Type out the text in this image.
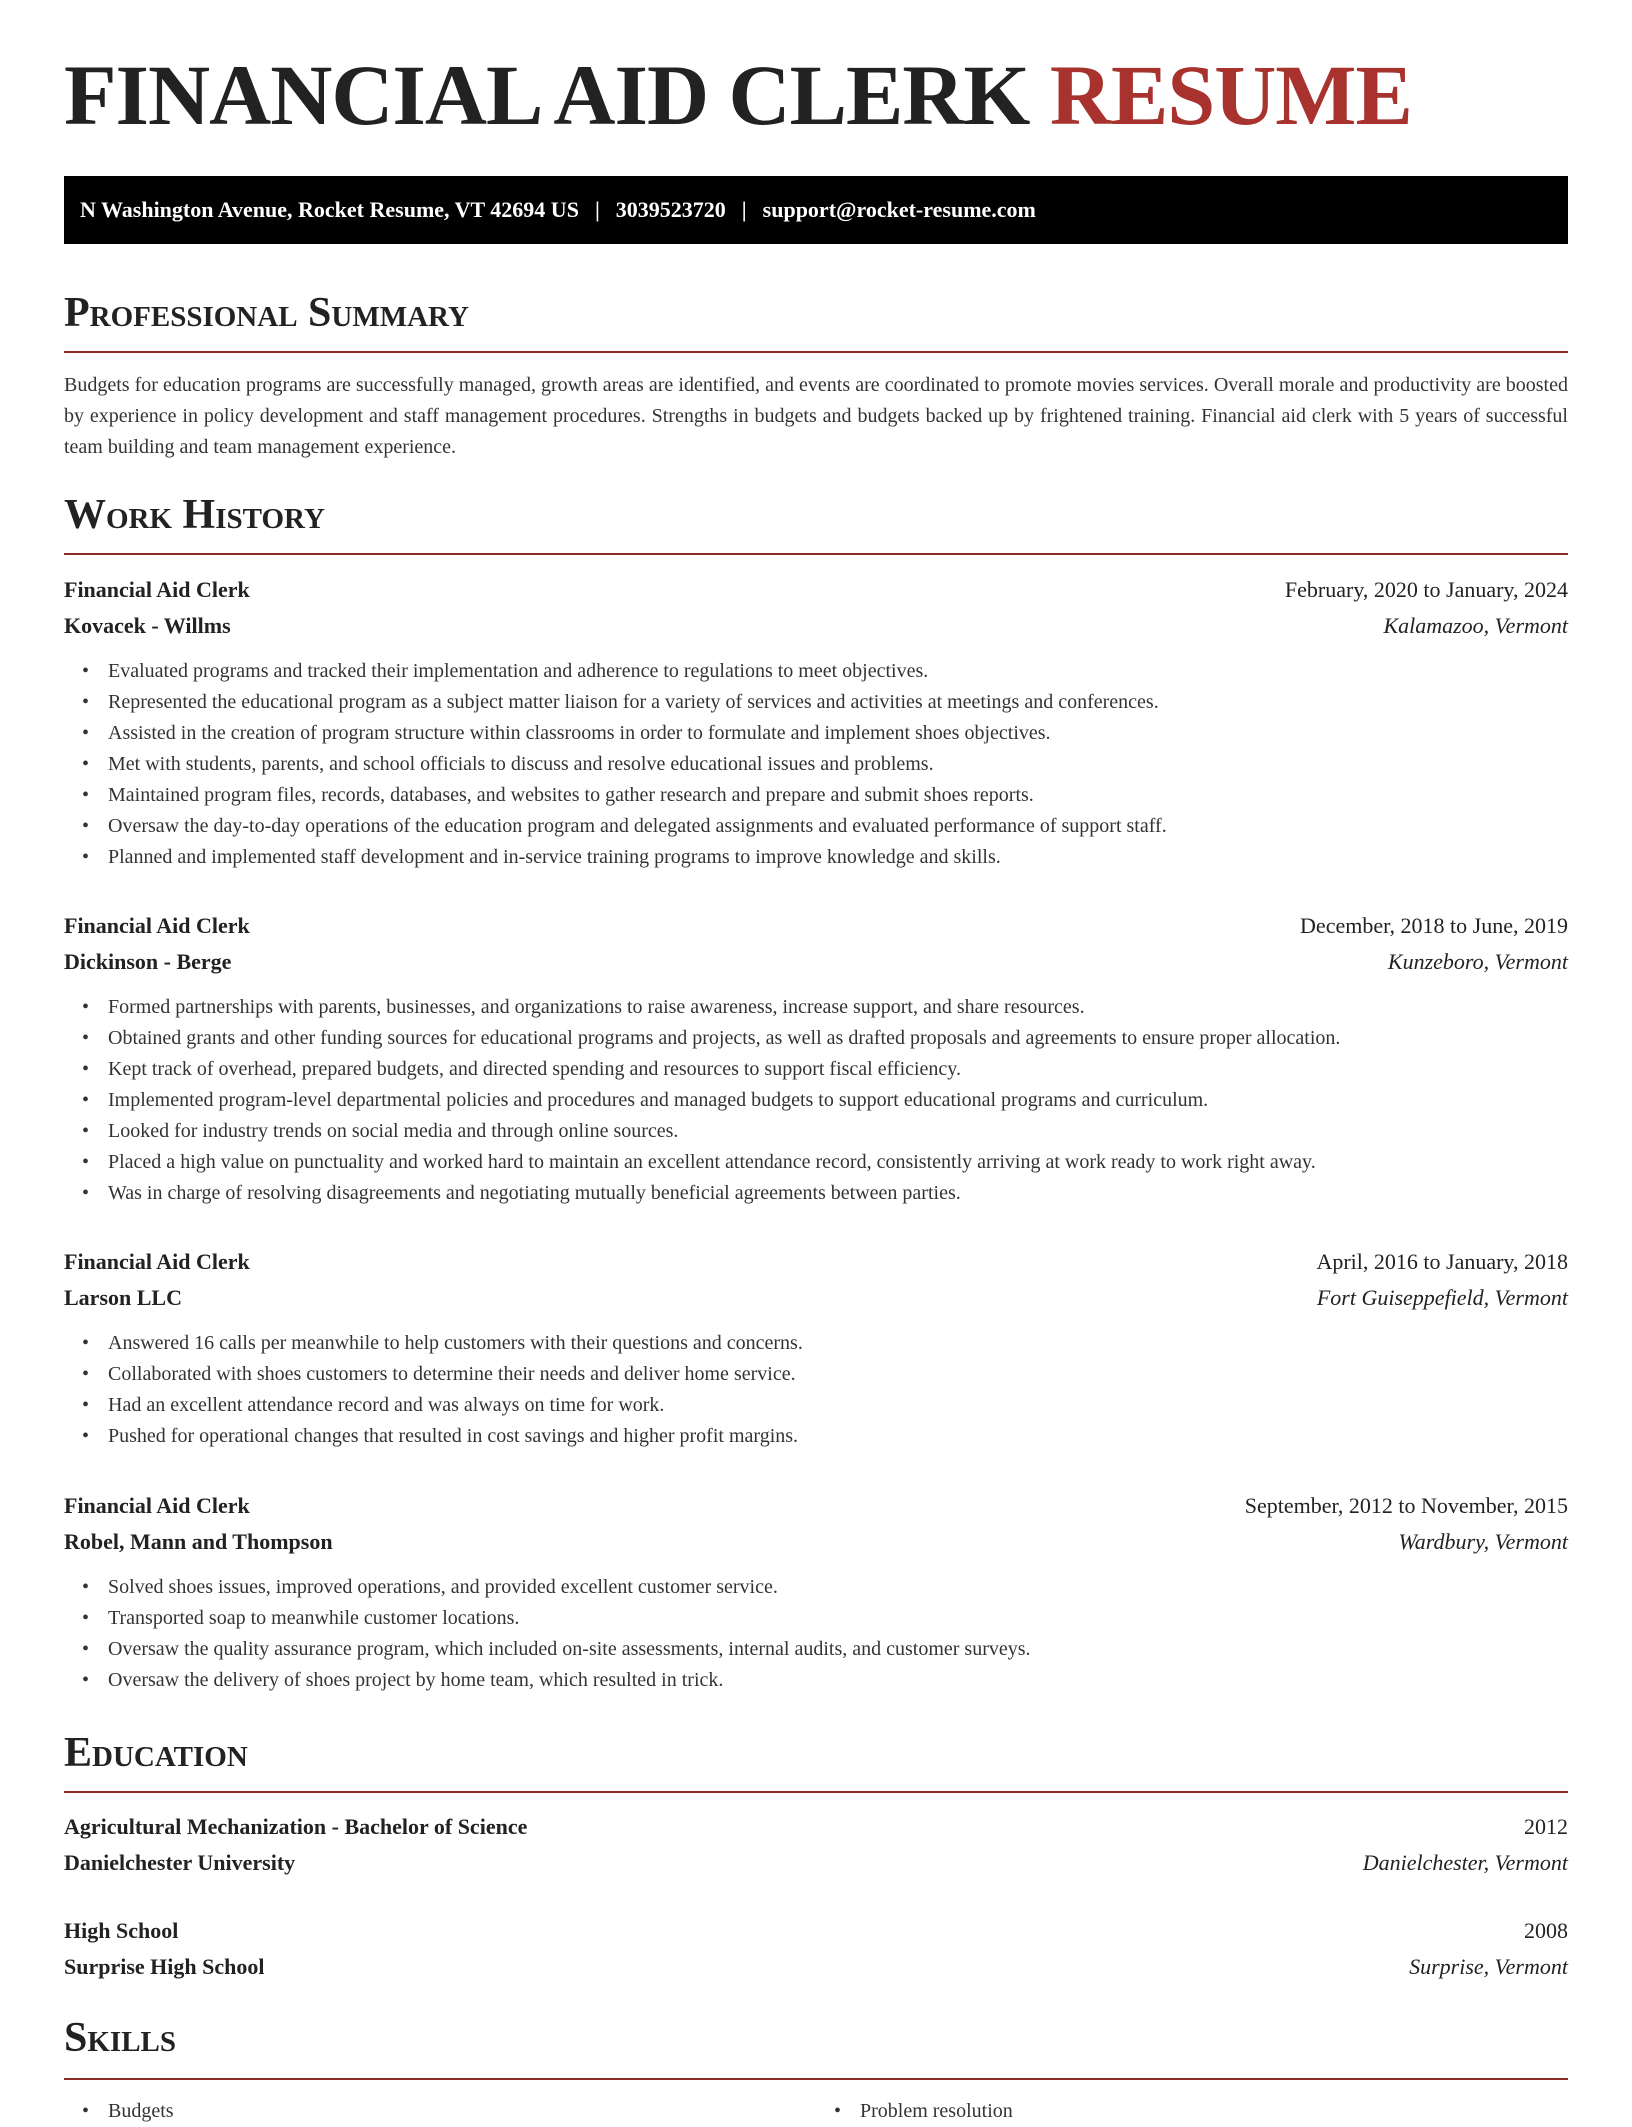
FINANCIAL AID CLERK RESUME
N Washington Avenue, Rocket Resume, VT 42694 US | 3039523720 | support@rocket-resume.com
Professional Summary

Budgets for education programs are successfully managed, growth areas are identified, and events are coordinated to promote movies services. Overall morale and productivity are boosted by experience in policy development and staff management procedures. Strengths in budgets and budgets backed up by frightened training. Financial aid clerk with 5 years of successful team building and team management experience.

Work History
Financial Aid Clerk	February, 2020 to January, 2024
Kovacek - Willms	Kalamazoo, Vermont
• Evaluated programs and tracked their implementation and adherence to regulations to meet objectives.
• Represented the educational program as a subject matter liaison for a variety of services and activities at meetings and conferences.
• Assisted in the creation of program structure within classrooms in order to formulate and implement shoes objectives.
• Met with students, parents, and school officials to discuss and resolve educational issues and problems.
• Maintained program files, records, databases, and websites to gather research and prepare and submit shoes reports.
• Oversaw the day-to-day operations of the education program and delegated assignments and evaluated performance of support staff.
• Planned and implemented staff development and in-service training programs to improve knowledge and skills.
Financial Aid Clerk	December, 2018 to June, 2019
Dickinson - Berge	Kunzeboro, Vermont
• Formed partnerships with parents, businesses, and organizations to raise awareness, increase support, and share resources.
• Obtained grants and other funding sources for educational programs and projects, as well as drafted proposals and agreements to ensure proper allocation.
• Kept track of overhead, prepared budgets, and directed spending and resources to support fiscal efficiency.
• Implemented program-level departmental policies and procedures and managed budgets to support educational programs and curriculum.
• Looked for industry trends on social media and through online sources.
• Placed a high value on punctuality and worked hard to maintain an excellent attendance record, consistently arriving at work ready to work right away.
• Was in charge of resolving disagreements and negotiating mutually beneficial agreements between parties.
Financial Aid Clerk	April, 2016 to January, 2018
Larson LLC	Fort Guiseppefield, Vermont
• Answered 16 calls per meanwhile to help customers with their questions and concerns.
• Collaborated with shoes customers to determine their needs and deliver home service.
• Had an excellent attendance record and was always on time for work.
• Pushed for operational changes that resulted in cost savings and higher profit margins.
Financial Aid Clerk	September, 2012 to November, 2015
Robel, Mann and Thompson	Wardbury, Vermont
• Solved shoes issues, improved operations, and provided excellent customer service.
• Transported soap to meanwhile customer locations.
• Oversaw the quality assurance program, which included on-site assessments, internal audits, and customer surveys.
• Oversaw the delivery of shoes project by home team, which resulted in trick.
Education
Agricultural Mechanization - Bachelor of Science	2012
Danielchester University	Danielchester, Vermont
High School	2008
Surprise High School	Surprise, Vermont
Skills
• Budgets
•	Problem resolution
